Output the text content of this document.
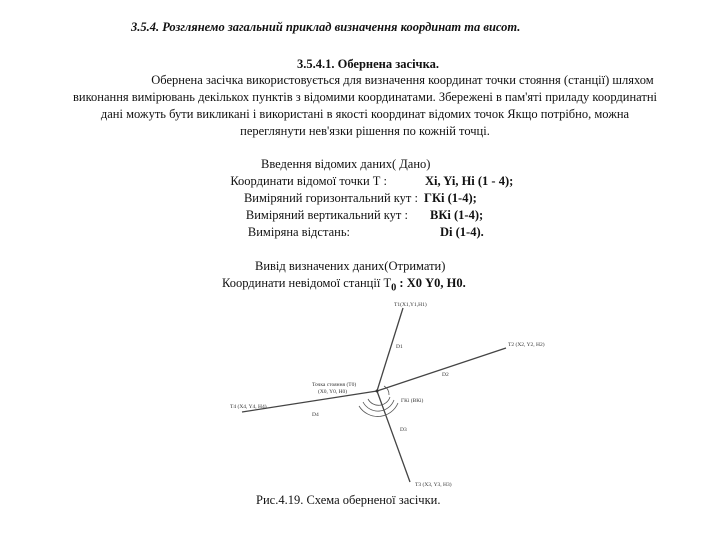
3.5.4. Розглянемо загальний приклад визначення координат та висот.
3.5.4.1. Обернена засічка.
Обернена засічка використовується для визначення координат точки стояння (станції) шляхом
виконання вимірювань декількох пунктів з відомими координатами. Збережені в пам'яті приладу координатні
дані можуть бути викликані і використані в якості координат відомих точок Якщо потрібно, можна
переглянути нев'язки рішення по кожній точці.
Введення відомих даних( Дано)
Координати відомої точки Т :	Хi, Yi, Hi (1 - 4);
Виміряний горизонтальний кут : ГКi (1-4);
Виміряний вертикальний кут : ВКi (1-4);
Виміряна відстань:	Di (1-4).
Вивід визначених даних(Отримати)
Координати невідомої станції $Т_0$ : Х0 Y0, Н0.
Т1(X1,Y1,H1)
Т2 (X2, Y2, H2)
Т3 (X3, Y3, H3)
Т4 (X4, Y4, H4)
Точка стояння (Т0)
(X0, Y0, H0)
ГКi (ВКi)
D1
D2
D3
D4
Рис.4.19. Схема оберненої засічки.
